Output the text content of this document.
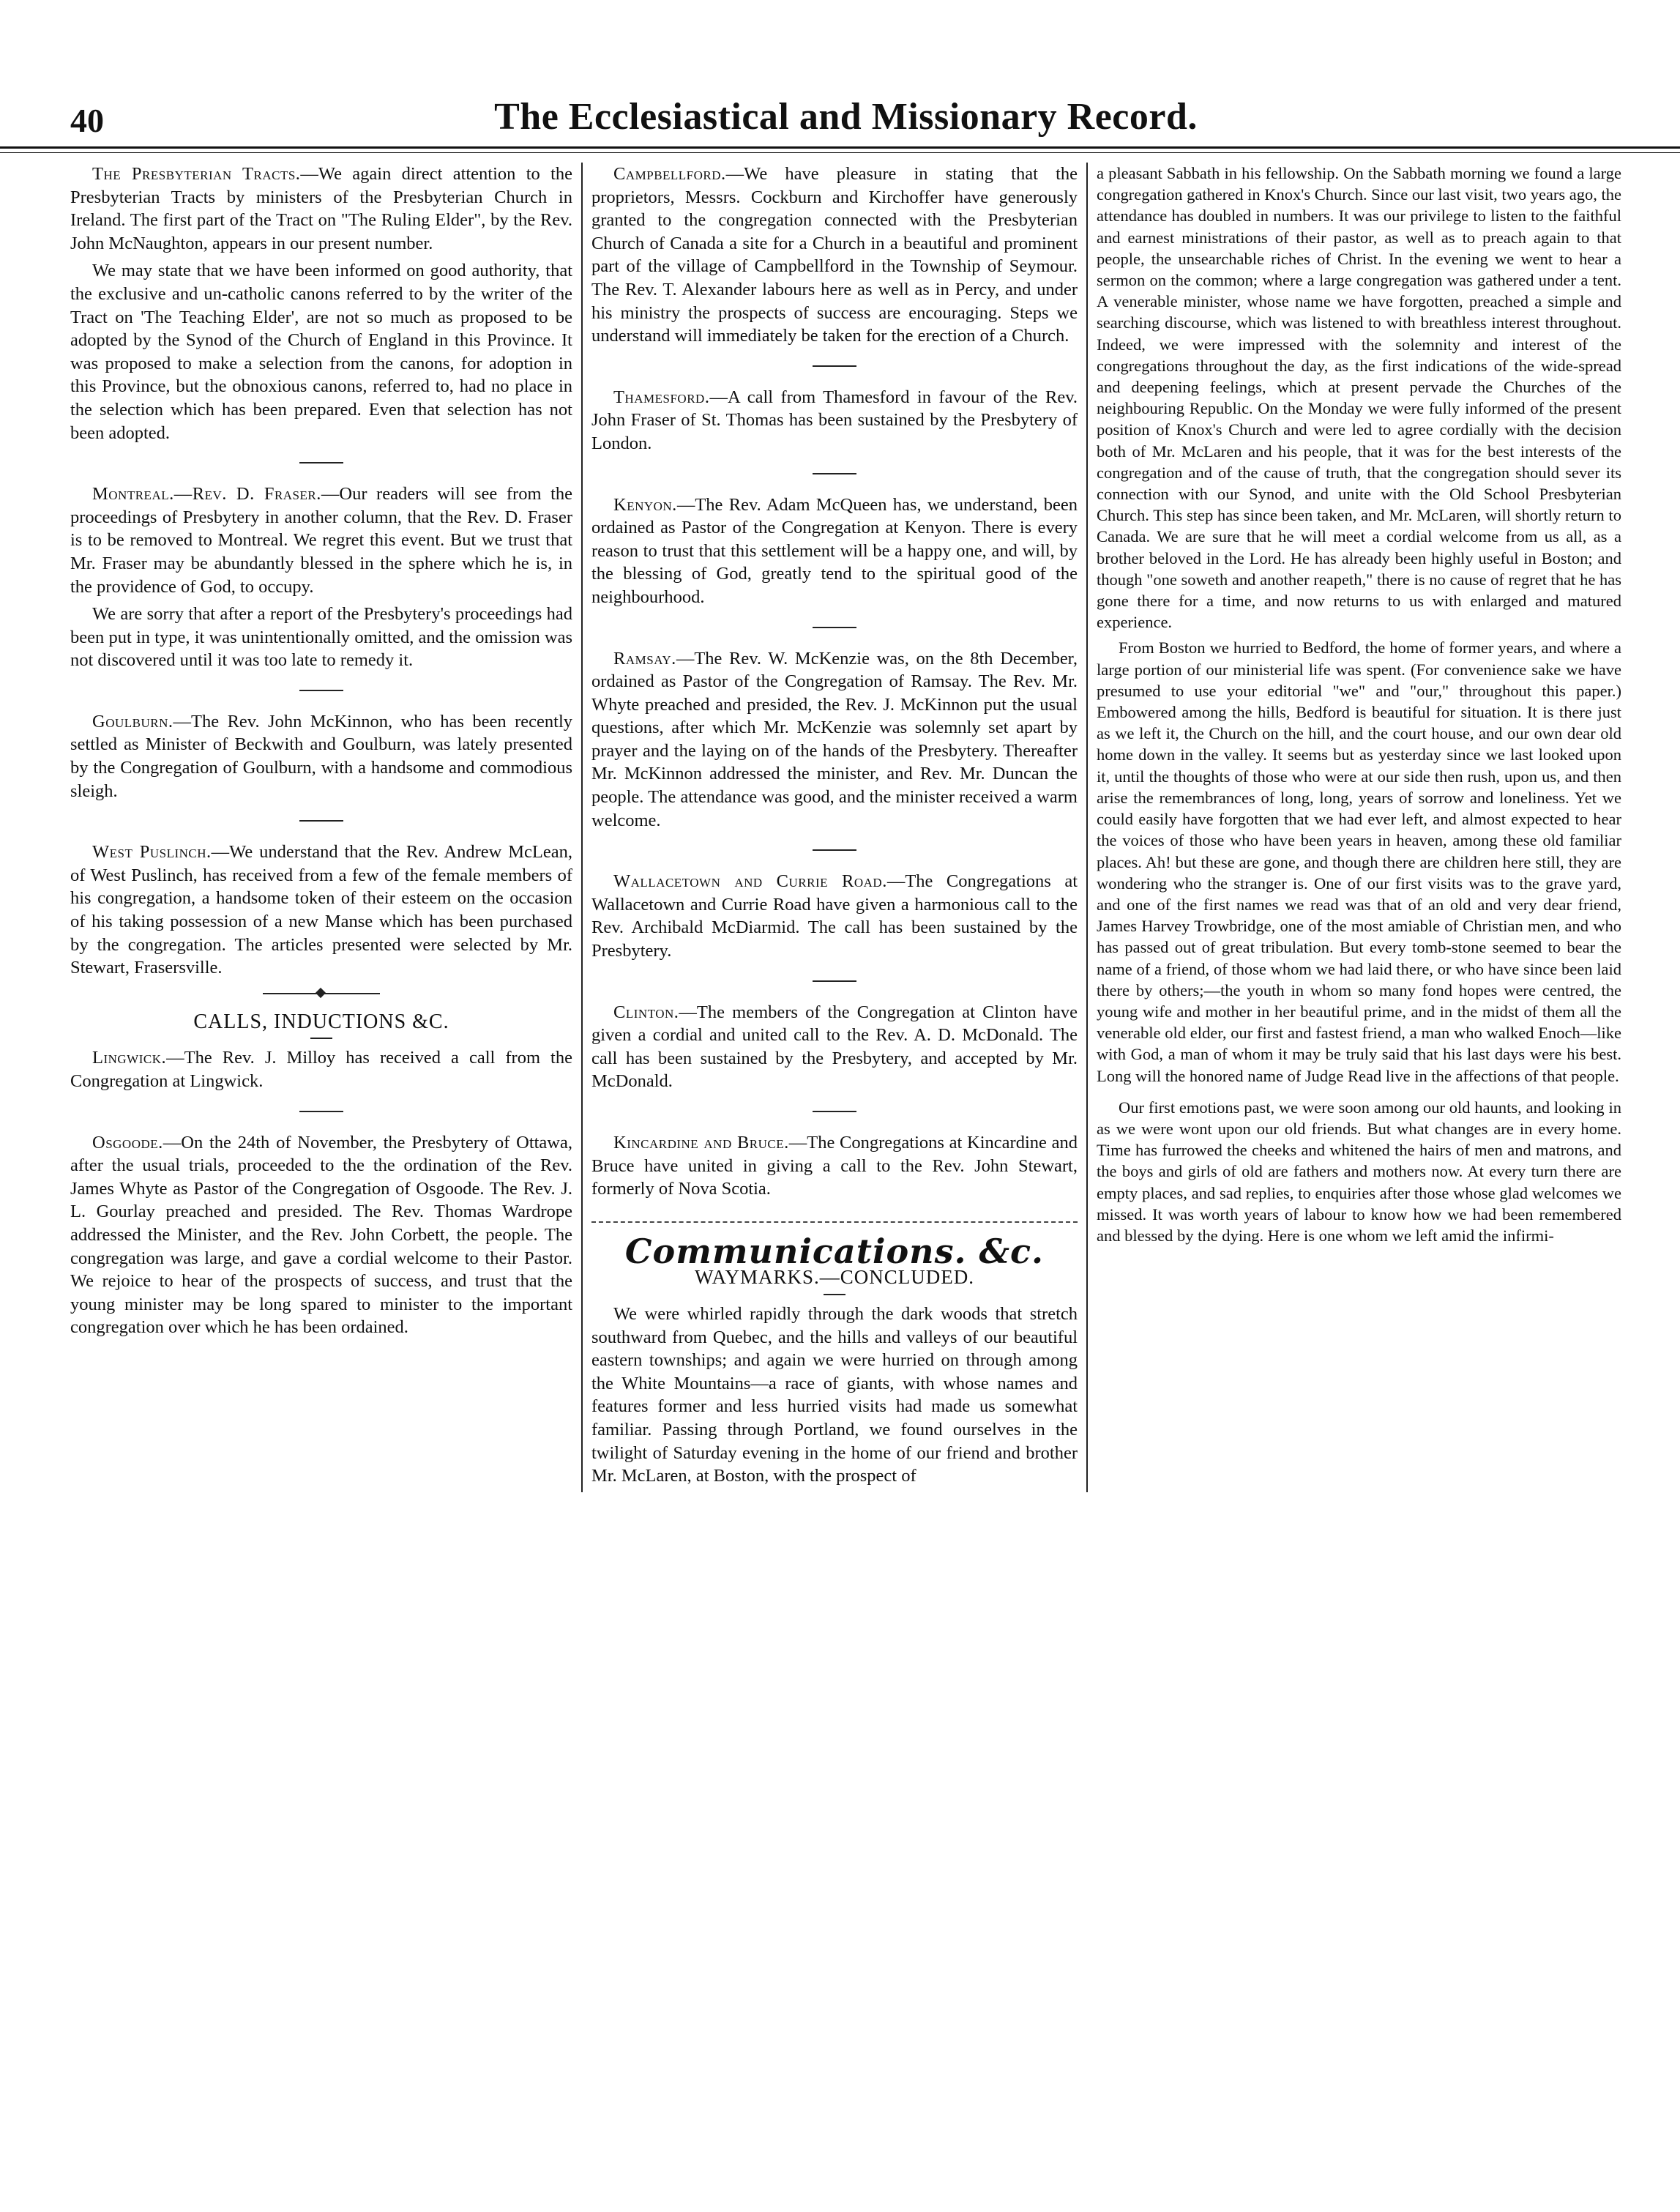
40	The Ecclesiastical and Missionary Record.

The Presbyterian Tracts.—We again direct attention to the Presbyterian Tracts by ministers of the Presbyterian Church in Ireland. The first part of the Tract on "The Ruling Elder", by the Rev. John McNaughton, appears in our present number.

We may state that we have been informed on good authority, that the exclusive and un-catholic canons referred to by the writer of the Tract on 'The Teaching Elder', are not so much as proposed to be adopted by the Synod of the Church of England in this Province. It was proposed to make a selection from the canons, for adoption in this Province, but the obnoxious canons, referred to, had no place in the selection which has been prepared. Even that selection has not been adopted.

Montreal.—Rev. D. Fraser.—Our readers will see from the proceedings of Presbytery in another column, that the Rev. D. Fraser is to be removed to Montreal. We regret this event. But we trust that Mr. Fraser may be abundantly blessed in the sphere which he is, in the providence of God, to occupy.

We are sorry that after a report of the Presbytery's proceedings had been put in type, it was unintentionally omitted, and the omission was not discovered until it was too late to remedy it.

Goulburn.—The Rev. John McKinnon, who has been recently settled as Minister of Beckwith and Goulburn, was lately presented by the Congregation of Goulburn, with a handsome and commodious sleigh.

West Puslinch.—We understand that the Rev. Andrew McLean, of West Puslinch, has received from a few of the female members of his congregation, a handsome token of their esteem on the occasion of his taking possession of a new Manse which has been purchased by the congregation. The articles presented were selected by Mr. Stewart, Frasersville.

CALLS, INDUCTIONS &C.

Lingwick.—The Rev. J. Milloy has received a call from the Congregation at Lingwick.

Osgoode.—On the 24th of November, the Presbytery of Ottawa, after the usual trials, proceeded to the the ordination of the Rev. James Whyte as Pastor of the Congregation of Osgoode. The Rev. J. L. Gourlay preached and presided. The Rev. Thomas Wardrope addressed the Minister, and the Rev. John Corbett, the people. The congregation was large, and gave a cordial welcome to their Pastor. We rejoice to hear of the prospects of success, and trust that the young minister may be long spared to minister to the important congregation over which he has been ordained.

Campbellford.—We have pleasure in stating that the proprietors, Messrs. Cockburn and Kirchoffer have generously granted to the congregation connected with the Presbyterian Church of Canada a site for a Church in a beautiful and prominent part of the village of Campbellford in the Township of Seymour. The Rev. T. Alexander labours here as well as in Percy, and under his ministry the prospects of success are encouraging. Steps we understand will immediately be taken for the erection of a Church.

Thamesford.—A call from Thamesford in favour of the Rev. John Fraser of St. Thomas has been sustained by the Presbytery of London.

Kenyon.—The Rev. Adam McQueen has, we understand, been ordained as Pastor of the Congregation at Kenyon. There is every reason to trust that this settlement will be a happy one, and will, by the blessing of God, greatly tend to the spiritual good of the neighbourhood.

Ramsay.—The Rev. W. McKenzie was, on the 8th December, ordained as Pastor of the Congregation of Ramsay. The Rev. Mr. Whyte preached and presided, the Rev. J. McKinnon put the usual questions, after which Mr. McKenzie was solemnly set apart by prayer and the laying on of the hands of the Presbytery. Thereafter Mr. McKinnon addressed the minister, and Rev. Mr. Duncan the people. The attendance was good, and the minister received a warm welcome.

Wallacetown and Currie Road.—The Congregations at Wallacetown and Currie Road have given a harmonious call to the Rev. Archibald McDiarmid. The call has been sustained by the Presbytery.

Clinton.—The members of the Congregation at Clinton have given a cordial and united call to the Rev. A. D. McDonald. The call has been sustained by the Presbytery, and accepted by Mr. McDonald.

Kincardine and Bruce.—The Congregations at Kincardine and Bruce have united in giving a call to the Rev. John Stewart, formerly of Nova Scotia.

Communications. &c.
WAYMARKS.—CONCLUDED.

We were whirled rapidly through the dark woods that stretch southward from Quebec, and the hills and valleys of our beautiful eastern townships; and again we were hurried on through among the White Mountains—a race of giants, with whose names and features former and less hurried visits had made us somewhat familiar. Passing through Portland, we found ourselves in the twilight of Saturday evening in the home of our friend and brother Mr. McLaren, at Boston, with the prospect of

a pleasant Sabbath in his fellowship. On the Sabbath morning we found a large congregation gathered in Knox's Church. Since our last visit, two years ago, the attendance has doubled in numbers. It was our privilege to listen to the faithful and earnest ministrations of their pastor, as well as to preach again to that people, the unsearchable riches of Christ. In the evening we went to hear a sermon on the common; where a large congregation was gathered under a tent. A venerable minister, whose name we have forgotten, preached a simple and searching discourse, which was listened to with breathless interest throughout. Indeed, we were impressed with the solemnity and interest of the congregations throughout the day, as the first indications of the wide-spread and deepening feelings, which at present pervade the Churches of the neighbouring Republic. On the Monday we were fully informed of the present position of Knox's Church and were led to agree cordially with the decision both of Mr. McLaren and his people, that it was for the best interests of the congregation and of the cause of truth, that the congregation should sever its connection with our Synod, and unite with the Old School Presbyterian Church. This step has since been taken, and Mr. McLaren, will shortly return to Canada. We are sure that he will meet a cordial welcome from us all, as a brother beloved in the Lord. He has already been highly useful in Boston; and though "one soweth and another reapeth," there is no cause of regret that he has gone there for a time, and now returns to us with enlarged and matured experience.

From Boston we hurried to Bedford, the home of former years, and where a large portion of our ministerial life was spent. (For convenience sake we have presumed to use your editorial "we" and "our," throughout this paper.) Embowered among the hills, Bedford is beautiful for situation. It is there just as we left it, the Church on the hill, and the court house, and our own dear old home down in the valley. It seems but as yesterday since we last looked upon it, until the thoughts of those who were at our side then rush, upon us, and then arise the remembrances of long, long, years of sorrow and loneliness. Yet we could easily have forgotten that we had ever left, and almost expected to hear the voices of those who have been years in heaven, among these old familiar places. Ah! but these are gone, and though there are children here still, they are wondering who the stranger is. One of our first visits was to the grave yard, and one of the first names we read was that of an old and very dear friend, James Harvey Trowbridge, one of the most amiable of Christian men, and who has passed out of great tribulation. But every tomb-stone seemed to bear the name of a friend, of those whom we had laid there, or who have since been laid there by others;—the youth in whom so many fond hopes were centred, the young wife and mother in her beautiful prime, and in the midst of them all the venerable old elder, our first and fastest friend, a man who walked Enoch—like with God, a man of whom it may be truly said that his last days were his best. Long will the honored name of Judge Read live in the affections of that people.

Our first emotions past, we were soon among our old haunts, and looking in as we were wont upon our old friends. But what changes are in every home. Time has furrowed the cheeks and whitened the hairs of men and matrons, and the boys and girls of old are fathers and mothers now. At every turn there are empty places, and sad replies, to enquiries after those whose glad welcomes we missed. It was worth years of labour to know how we had been remembered and blessed by the dying. Here is one whom we left amid the infirmi-
